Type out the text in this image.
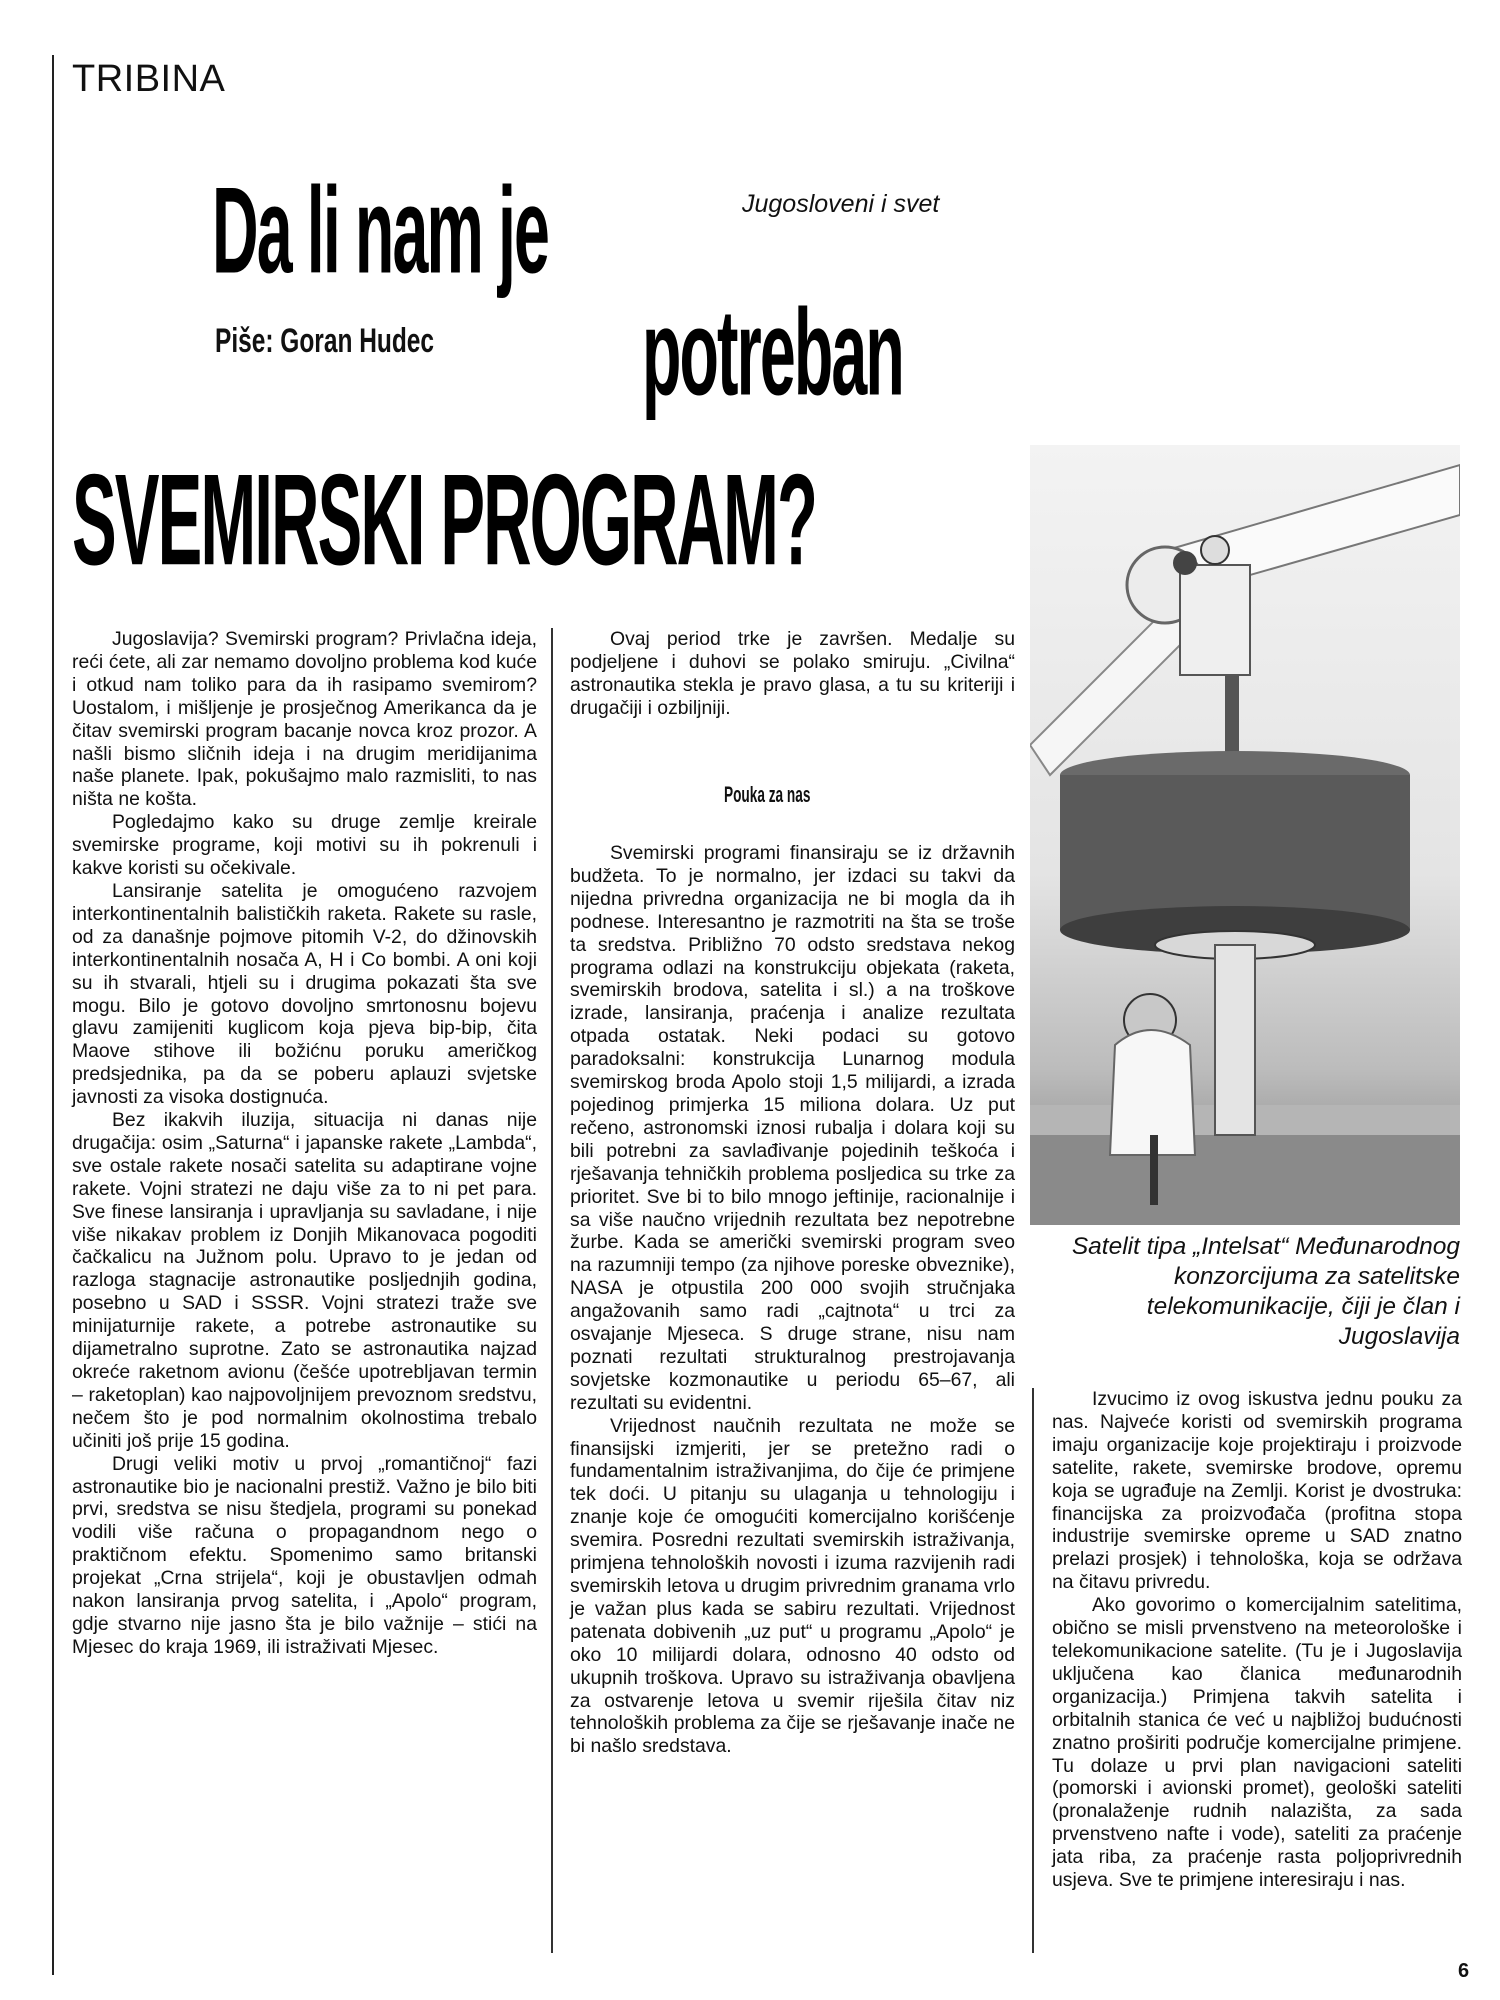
TRIBINA
Jugosloveni i svet
Da li nam je
Piše: Goran Hudec potreban
SVEMIRSKI PROGRAM?

Jugoslavija? Svemirski program? Privlačna ideja, reći ćete, ali zar nemamo dovoljno problema kod kuće i otkud nam toliko para da ih rasipamo svemirom? Uostalom, i mišljenje je prosječnog Amerikanca da je čitav svemirski program bacanje novca kroz prozor. A našli bismo sličnih ideja i na drugim meridijanima naše planete. Ipak, pokušajmo malo razmisliti, to nas ništa ne košta.

Pogledajmo kako su druge zemlje kreirale svemirske programe, koji motivi su ih pokrenuli i kakve koristi su očekivale.

Lansiranje satelita je omogućeno razvojem interkontinentalnih balističkih raketa. Rakete su rasle, od za današnje pojmove pitomih V-2, do džinovskih interkontinentalnih nosača A, H i Co bombi. A oni koji su ih stvarali, htjeli su i drugima pokazati šta sve mogu. Bilo je gotovo dovoljno smrtonosnu bojevu glavu zamijeniti kuglicom koja pjeva bip-bip, čita Maove stihove ili božićnu poruku američkog predsjednika, pa da se poberu aplauzi svjetske javnosti za visoka dostignuća.

Bez ikakvih iluzija, situacija ni danas nije drugačija: osim „Saturna“ i japanske rakete „Lambda“, sve ostale rakete nosači satelita su adaptirane vojne rakete. Vojni stratezi ne daju više za to ni pet para. Sve finese lansiranja i upravljanja su savladane, i nije više nikakav problem iz Donjih Mikanovaca pogoditi čačkalicu na Južnom polu. Upravo to je jedan od razloga stagnacije astronautike posljednjih godina, posebno u SAD i SSSR. Vojni stratezi traže sve minijaturnije rakete, a potrebe astronautike su dijametralno suprotne. Zato se astronautika najzad okreće raketnom avionu (češće upotrebljavan termin – raketoplan) kao najpovoljnijem prevoznom sredstvu, nečem što je pod normalnim okolnostima trebalo učiniti još prije 15 godina.

Drugi veliki motiv u prvoj „romantičnoj“ fazi astronautike bio je nacionalni prestiž. Važno je bilo biti prvi, sredstva se nisu štedjela, programi su ponekad vodili više računa o propagandnom nego o praktičnom efektu. Spomenimo samo britanski projekat „Crna strijela“, koji je obustavljen odmah nakon lansiranja prvog satelita, i „Apolo“ program, gdje stvarno nije jasno šta je bilo važnije – stići na Mjesec do kraja 1969, ili istraživati Mjesec.

Ovaj period trke je završen. Medalje su podjeljene i duhovi se polako smiruju. „Civilna“ astronautika stekla je pravo glasa, a tu su kriteriji i drugačiji i ozbiljniji.

Pouka za nas

Svemirski programi finansiraju se iz državnih budžeta. To je normalno, jer izdaci su takvi da nijedna privredna organizacija ne bi mogla da ih podnese. Interesantno je razmotriti na šta se troše ta sredstva. Približno 70 odsto sredstava nekog programa odlazi na konstrukciju objekata (raketa, svemirskih brodova, satelita i sl.) a na troškove izrade, lansiranja, praćenja i analize rezultata otpada ostatak. Neki podaci su gotovo paradoksalni: konstrukcija Lunarnog modula svemirskog broda Apolo stoji 1,5 milijardi, a izrada pojedinog primjerka 15 miliona dolara. Uz put rečeno, astronomski iznosi rubalja i dolara koji su bili potrebni za savlađivanje pojedinih teškoća i rješavanja tehničkih problema posljedica su trke za prioritet. Sve bi to bilo mnogo jeftinije, racionalnije i sa više naučno vrijednih rezultata bez nepotrebne žurbe. Kada se američki svemirski program sveo na razumniji tempo (za njihove poreske obveznike), NASA je otpustila 200 000 svojih stručnjaka angažovanih samo radi „cajtnota“ u trci za osvajanje Mjeseca. S druge strane, nisu nam poznati rezultati strukturalnog prestrojavanja sovjetske kozmonautike u periodu 65–67, ali rezultati su evidentni.

Vrijednost naučnih rezultata ne može se finansijski izmjeriti, jer se pretežno radi o fundamentalnim istraživanjima, do čije će primjene tek doći. U pitanju su ulaganja u tehnologiju i znanje koje će omogućiti komercijalno korišćenje svemira. Posredni rezultati svemirskih istraživanja, primjena tehnoloških novosti i izuma razvijenih radi svemirskih letova u drugim privrednim granama vrlo je važan plus kada se sabiru rezultati. Vrijednost patenata dobivenih „uz put“ u programu „Apolo“ je oko 10 milijardi dolara, odnosno 40 odsto od ukupnih troškova. Upravo su istraživanja obavljena za ostvarenje letova u svemir riješila čitav niz tehnoloških problema za čije se rješavanje inače ne bi našlo sredstava.

Satelit tipa „Intelsat“ Međunarodnog konzorcijuma za satelitske telekomunikacije, čiji je član i Jugoslavija

Izvucimo iz ovog iskustva jednu pouku za nas. Najveće koristi od svemirskih programa imaju organizacije koje projektiraju i proizvode satelite, rakete, svemirske brodove, opremu koja se ugrađuje na Zemlji. Korist je dvostruka: financijska za proizvođača (profitna stopa industrije svemirske opreme u SAD znatno prelazi prosjek) i tehnološka, koja se održava na čitavu privredu.

Ako govorimo o komercijalnim satelitima, obično se misli prvenstveno na meteorološke i telekomunikacione satelite. (Tu je i Jugoslavija uključena kao članica međunarodnih organizacija.) Primjena takvih satelita i orbitalnih stanica će već u najbližoj budućnosti znatno proširiti područje komercijalne primjene. Tu dolaze u prvi plan navigacioni sateliti (pomorski i avionski promet), geološki sateliti (pronalaženje rudnih nalazišta, za sada prvenstveno nafte i vode), sateliti za praćenje jata riba, za praćenje rasta poljoprivrednih usjeva. Sve te primjene interesiraju i nas.

6
